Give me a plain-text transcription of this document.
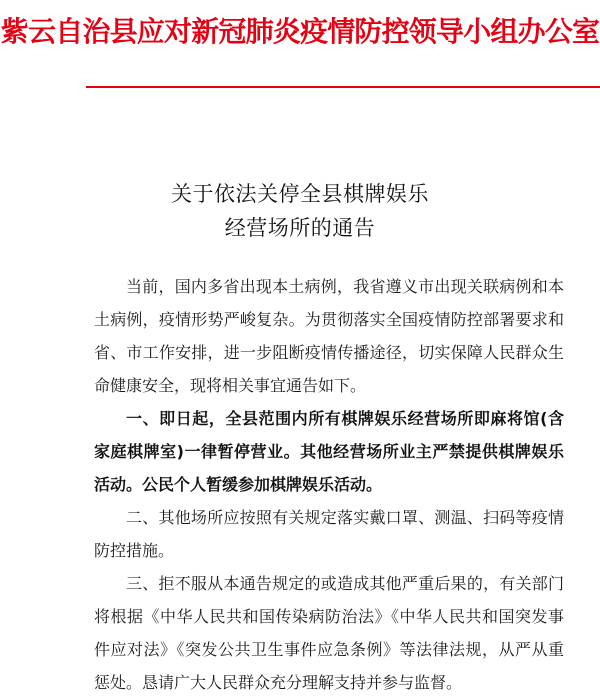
紫云自治县应对新冠肺炎疫情防控领导小组办公室
关于依法关停全县棋牌娱乐
经营场所的通告

当前，国内多省出现本土病例，我省遵义市出现关联病例和本土病例，疫情形势严峻复杂。为贯彻落实全国疫情防控部署要求和省、市工作安排，进一步阻断疫情传播途径，切实保障人民群众生命健康安全，现将相关事宜通告如下。

一、即日起，全县范围内所有棋牌娱乐经营场所即麻将馆(含家庭棋牌室)一律暂停营业。其他经营场所业主严禁提供棋牌娱乐活动。公民个人暂缓参加棋牌娱乐活动。

二、其他场所应按照有关规定落实戴口罩、测温、扫码等疫情防控措施。

三、拒不服从本通告规定的或造成其他严重后果的，有关部门将根据《中华人民共和国传染病防治法》《中华人民共和国突发事件应对法》《突发公共卫生事件应急条例》等法律法规，从严从重惩处。恳请广大人民群众充分理解支持并参与监督。
